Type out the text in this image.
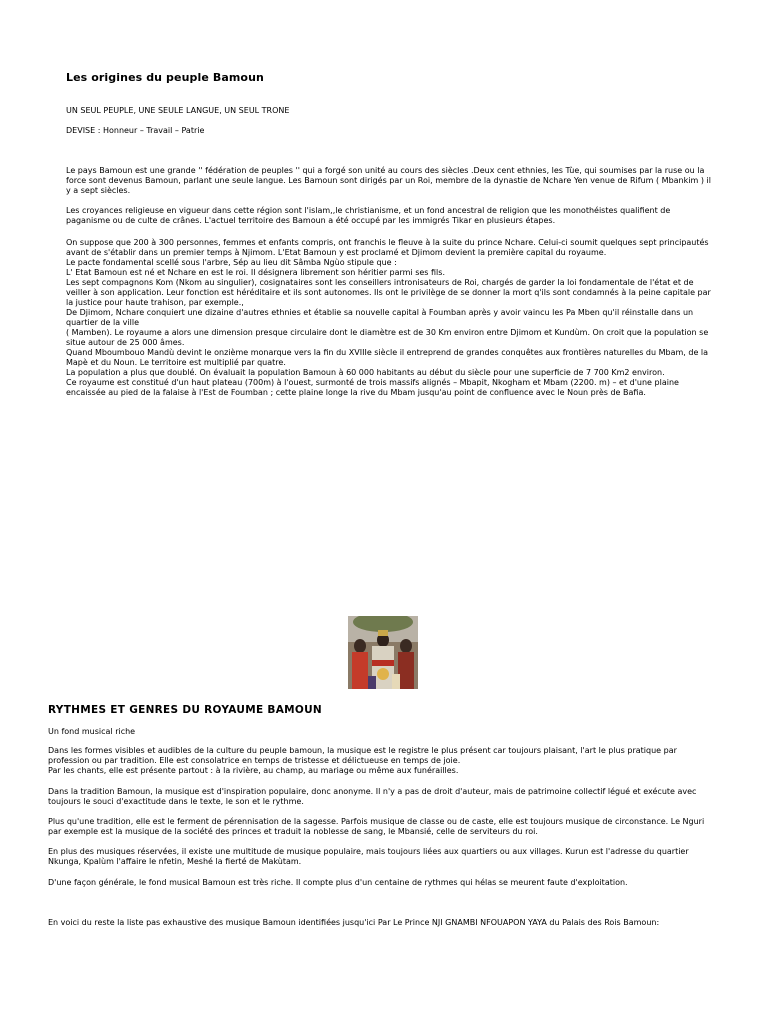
Les origines du peuple Bamoun
UN SEUL PEUPLE, UNE SEULE LANGUE, UN SEUL TRONE
DEVISE : Honneur – Travail – Patrie
Le pays Bamoun est une grande '' fédération de peuples '' qui a forgé son unité au cours des siècles .Deux cent ethnies, les Tùe, qui soumises par la ruse ou la force sont devenus Bamoun, parlant une seule langue. Les Bamoun sont dirigés par un Roi, membre de la dynastie de Nchare Yen venue de Rifum ( Mbankim ) il y a sept siècles.
Les croyances religieuse en vigueur dans cette région sont l'islam,,le christianisme, et un fond ancestral de religion que les monothéistes qualifient de paganisme ou de culte de crânes. L'actuel territoire des Bamoun a été occupé par les immigrés Tikar en plusieurs étapes.

On suppose que 200 à 300 personnes, femmes et enfants compris, ont franchis le fleuve à la suite du prince Nchare. Celui-ci soumit quelques sept principautés avant de s'établir dans un premier temps à Njimom. L'Etat Bamoun y est proclamé et Djimom devient la première capital du royaume.

Le pacte fondamental scellé sous l'arbre, Sép au lieu dit Sâmba Ngùo stipule que :

L' Etat Bamoun est né et Nchare en est le roi. Il désignera librement son héritier parmi ses fils.

Les sept compagnons Kom (Nkom au singulier), cosignataires sont les conseillers intronisateurs de Roi, chargés de garder la loi fondamentale de l'état et de veiller à son application. Leur fonction est héréditaire et ils sont autonomes. Ils ont le privilège de se donner la mort q'ils sont condamnés à la peine capitale par la justice pour haute trahison, par exemple.,

De Djimom, Nchare conquiert une dizaine d'autres ethnies et établie sa nouvelle capital à Foumban après y avoir vaincu les Pa Mben qu'il réinstalle dans un quartier de la ville

( Mamben). Le royaume a alors une dimension presque circulaire dont le diamètre est de 30 Km environ entre Djimom et Kundùm. On croit que la population se situe autour de 25 000 âmes.

Quand Mboumbouo Mandù devint le onzième monarque vers la fin du XVIIIe siècle il entreprend de grandes conquêtes aux frontières naturelles du Mbam, de la Mapè et du Noun. Le territoire est multiplié par quatre.

La population a plus que doublé. On évaluait la population Bamoun à 60 000 habitants au début du siècle pour une superficie de 7 700 Km2 environ.

Ce royaume est constitué d'un haut plateau (700m) à l'ouest, surmonté de trois massifs alignés – Mbapit, Nkogham et Mbam (2200. m) – et d'une plaine encaissée au pied de la falaise à l'Est de Foumban ; cette plaine longe la rive du Mbam jusqu'au point de confluence avec le Noun près de Bafia.

RYTHMES ET GENRES DU ROYAUME BAMOUN
Un fond musical riche

Dans les formes visibles et audibles de la culture du peuple bamoun, la musique est le registre le plus présent car toujours plaisant, l'art le plus pratique par profession ou par tradition. Elle est consolatrice en temps de tristesse et délictueuse en temps de joie.

Par les chants, elle est présente partout : à la rivière, au champ, au mariage ou même aux funérailles.

Dans la tradition Bamoun, la musique est d'inspiration populaire, donc anonyme. Il n'y a pas de droit d'auteur, mais de patrimoine collectif légué et exécute avec toujours le souci d'exactitude dans le texte, le son et le rythme.
Plus qu'une tradition, elle est le ferment de pérennisation de la sagesse. Parfois musique de classe ou de caste, elle est toujours musique de circonstance. Le Nguri par exemple est la musique de la société des princes et traduit la noblesse de sang, le Mbansié, celle de serviteurs du roi.
En plus des musiques réservées, il existe une multitude de musique populaire, mais toujours liées aux quartiers ou aux villages. Kurun est l'adresse du quartier Nkunga, Kpalùm l'affaire le nfetin, Meshé la fierté de Makùtam.
D'une façon générale, le fond musical Bamoun est très riche. Il compte plus d'un centaine de rythmes qui hélas se meurent faute d'exploitation.
En voici du reste la liste pas exhaustive des musique Bamoun identifiées jusqu'ici Par Le Prince NJI GNAMBI NFOUAPON YAYA du Palais des Rois Bamoun:
